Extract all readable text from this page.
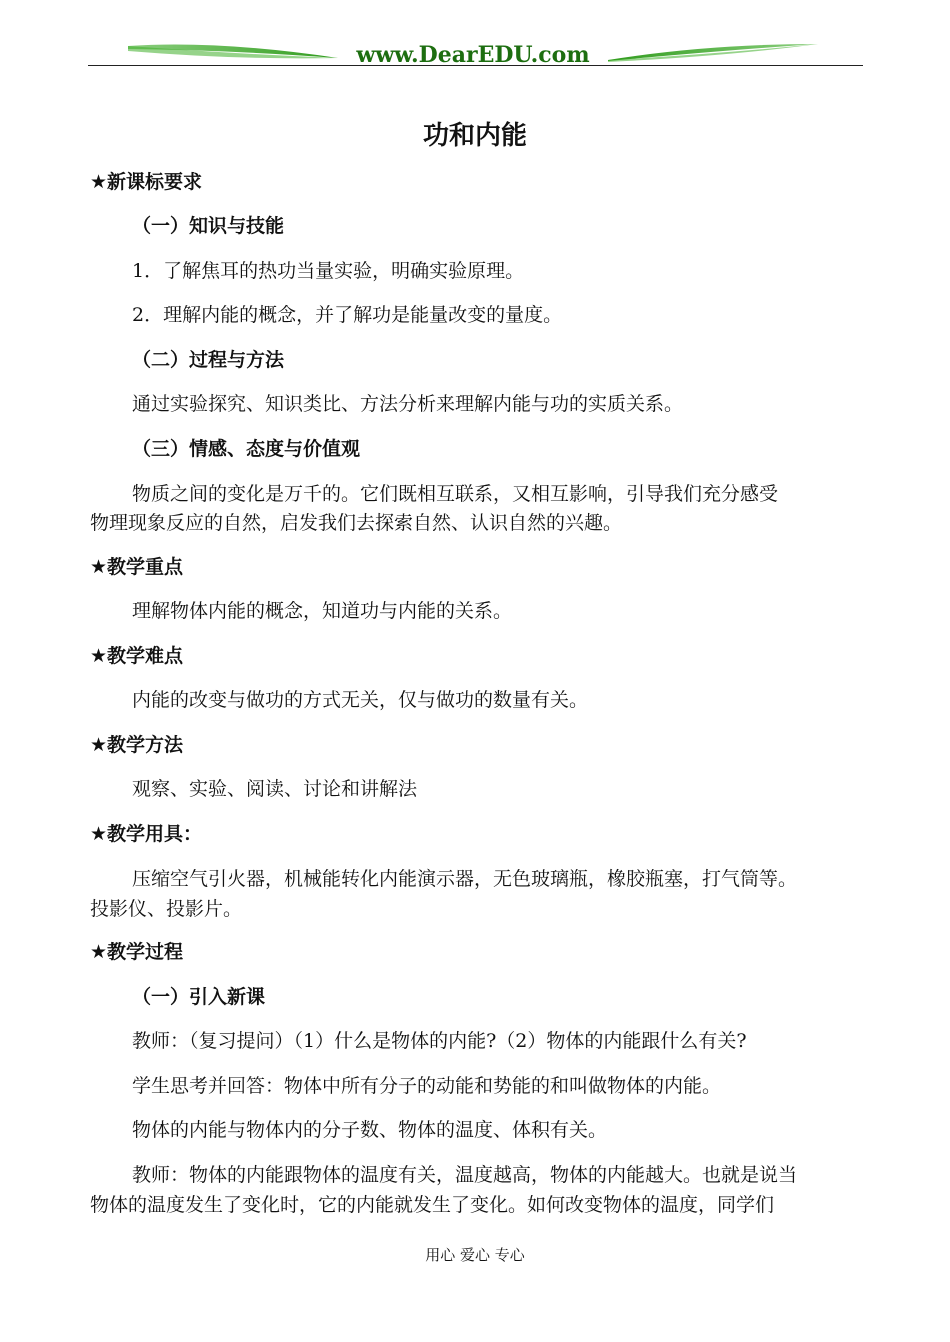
www.DearEDU.com
功和内能
★新课标要求
（一）知识与技能
1．了解焦耳的热功当量实验，明确实验原理。
2．理解内能的概念，并了解功是能量改变的量度。
（二）过程与方法
通过实验探究、知识类比、方法分析来理解内能与功的实质关系。
（三）情感、态度与价值观
物质之间的变化是万千的。它们既相互联系，又相互影响，引导我们充分感受
物理现象反应的自然，启发我们去探索自然、认识自然的兴趣。
★教学重点
理解物体内能的概念，知道功与内能的关系。
★教学难点
内能的改变与做功的方式无关，仅与做功的数量有关。
★教学方法
观察、实验、阅读、讨论和讲解法
★教学用具：
压缩空气引火器，机械能转化内能演示器，无色玻璃瓶，橡胶瓶塞，打气筒等。
投影仪、投影片。
★教学过程
（一）引入新课
教师：（复习提问）（1）什么是物体的内能?（2）物体的内能跟什么有关?
学生思考并回答：物体中所有分子的动能和势能的和叫做物体的内能。
物体的内能与物体内的分子数、物体的温度、体积有关。
教师：物体的内能跟物体的温度有关，温度越高，物体的内能越大。也就是说当
物体的温度发生了变化时，它的内能就发生了变化。如何改变物体的温度，同学们
用心 爱心 专心
